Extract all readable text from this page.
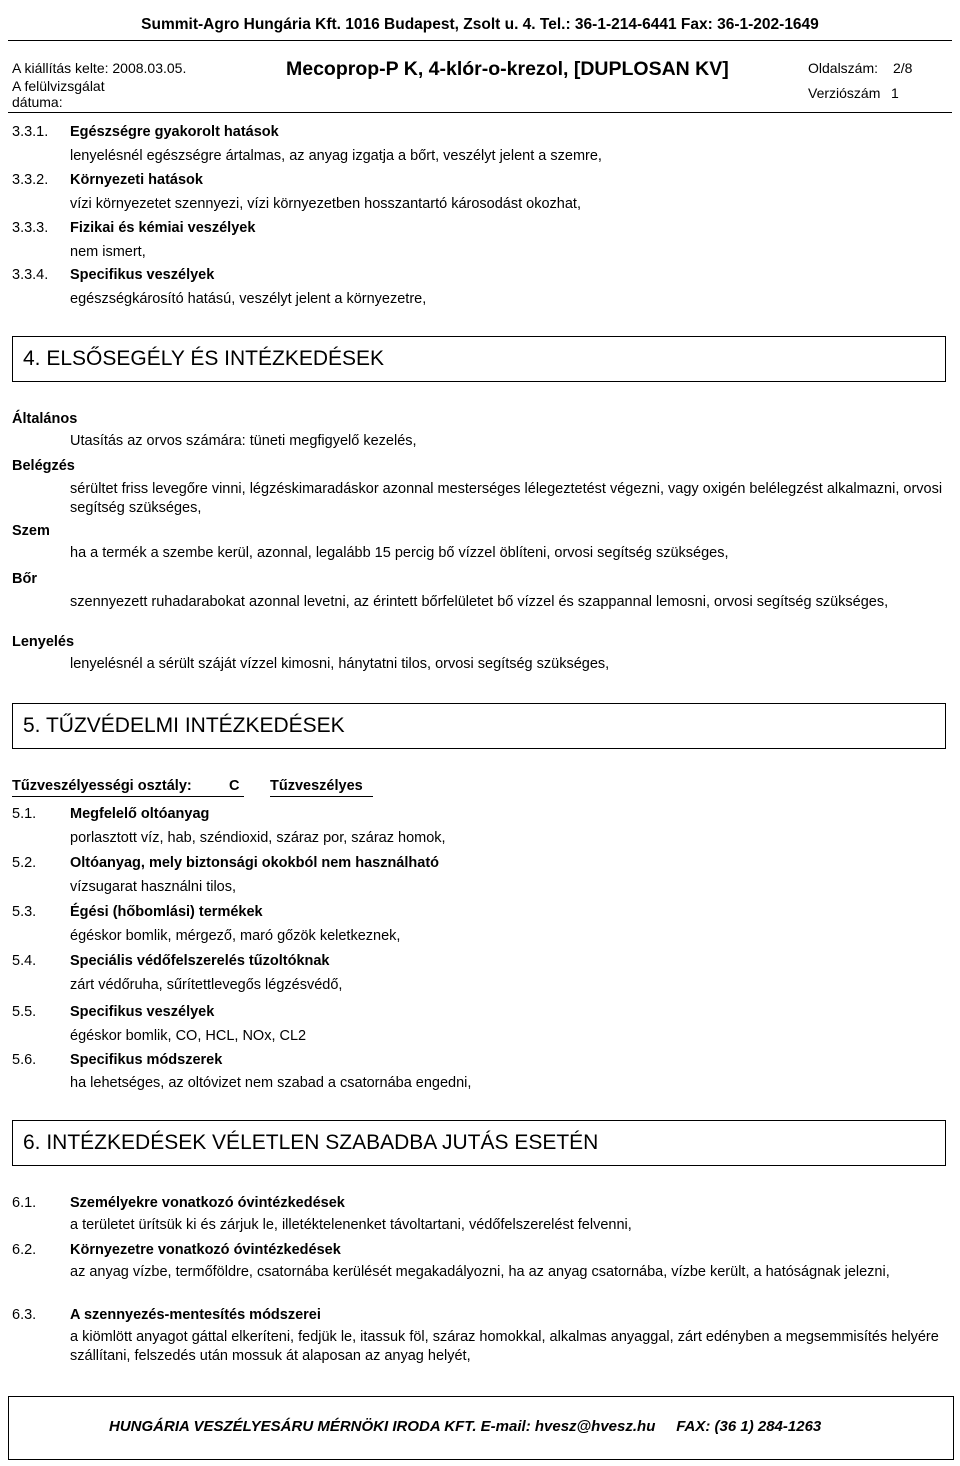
Summit-Agro Hungária Kft. 1016 Budapest, Zsolt u. 4. Tel.: 36-1-214-6441 Fax: 36-1-202-1649
A kiállítás kelte: 2008.03.05.
A felülvizsgálat
dátuma:
Mecoprop-P K, 4-klór-o-krezol, [DUPLOSAN KV]	Oldalszám: 2/8
Verziószám 1
3.3.1. Egészségre gyakorolt hatások
lenyelésnél egészségre ártalmas, az anyag izgatja a bőrt, veszélyt jelent a szemre,
3.3.2. Környezeti hatások
vízi környezetet szennyezi, vízi környezetben hosszantartó károsodást okozhat,
3.3.3. Fizikai és kémiai veszélyek
nem ismert,
3.3.4. Specifikus veszélyek
egészségkárosító hatású, veszélyt jelent a környezetre,
4. ELSŐSEGÉLY ÉS INTÉZKEDÉSEK
Általános
Utasítás az orvos számára: tüneti megfigyelő kezelés,
Belégzés
sérültet friss levegőre vinni, légzéskimaradáskor azonnal mesterséges lélegeztetést végezni, vagy oxigén belélegzést alkalmazni, orvosi segítség szükséges,
Szem
ha a termék a szembe kerül, azonnal, legalább 15 percig bő vízzel öblíteni, orvosi segítség szükséges,
Bőr
szennyezett ruhadarabokat azonnal levetni, az érintett bőrfelületet bő vízzel és szappannal lemosni, orvosi segítség szükséges,
Lenyelés
lenyelésnél a sérült száját vízzel kimosni, hánytatni tilos, orvosi segítség szükséges,
5. TŰZVÉDELMI INTÉZKEDÉSEK
Tűzveszélyességi osztály:	C Tűzveszélyes
5.1. Megfelelő oltóanyag
porlasztott víz, hab, széndioxid, száraz por, száraz homok,
5.2. Oltóanyag, mely biztonsági okokból nem használható
vízsugarat használni tilos,
5.3. Égési (hőbomlási) termékek
égéskor bomlik, mérgező, maró gőzök keletkeznek,
5.4. Speciális védőfelszerelés tűzoltóknak
zárt védőruha, sűrítettlevegős légzésvédő,
5.5. Specifikus veszélyek
égéskor bomlik, CO, HCL, NOx, CL2
5.6. Specifikus módszerek
ha lehetséges, az oltóvizet nem szabad a csatornába engedni,
6. INTÉZKEDÉSEK VÉLETLEN SZABADBA JUTÁS ESETÉN
6.1. Személyekre vonatkozó óvintézkedések
a területet ürítsük ki és zárjuk le, illetéktelenenket távoltartani, védőfelszerelést felvenni,
6.2. Környezetre vonatkozó óvintézkedések
az anyag vízbe, termőföldre, csatornába kerülését megakadályozni, ha az anyag csatornába, vízbe került, a hatóságnak jelezni,
6.3. A szennyezés-mentesítés módszerei
a kiömlött anyagot gáttal elkeríteni, fedjük le, itassuk föl, száraz homokkal, alkalmas anyaggal, zárt edényben a megsemmisítés helyére szállítani, felszedés után mossuk át alaposan az anyag helyét,
HUNGÁRIA VESZÉLYESÁRU MÉRNÖKI IRODA KFT. E-mail: hvesz@hvesz.hu     FAX: (36 1) 284-1263
